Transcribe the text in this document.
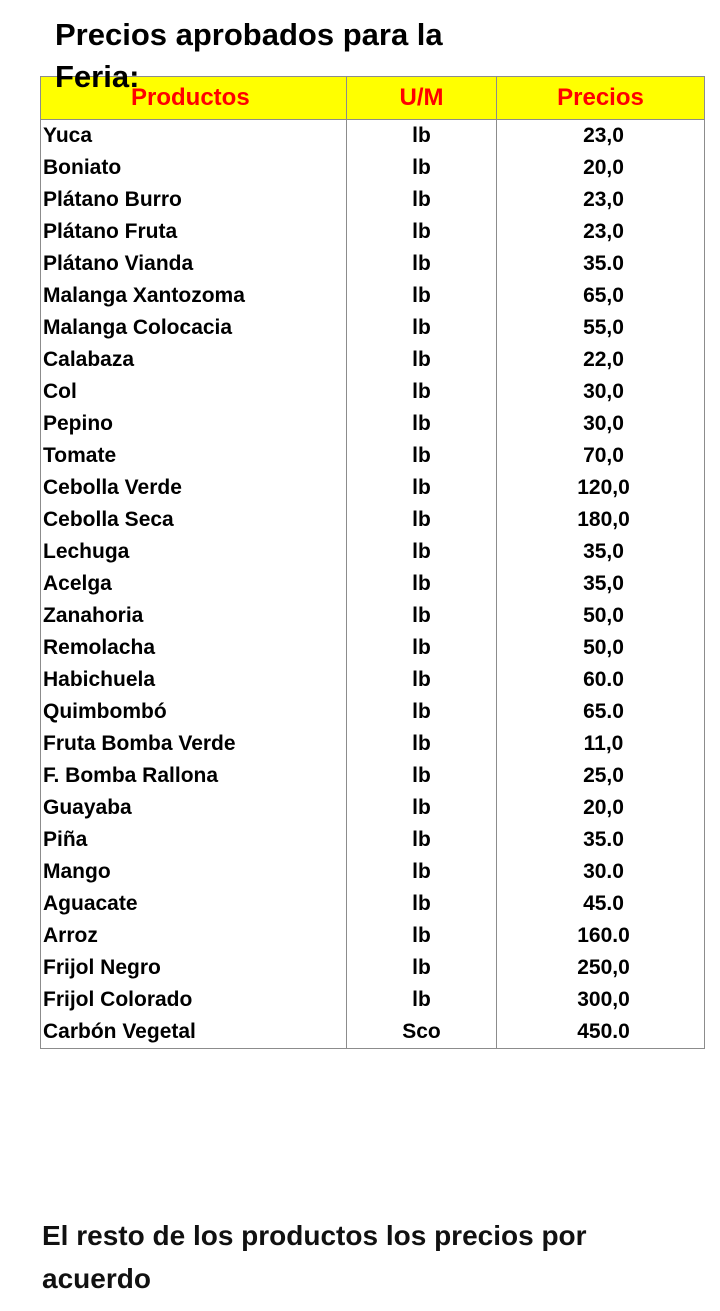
Precios aprobados para la Feria:
Productos	U/M	Precios
Yuca	lb	23,0
Boniato	lb	20,0
Plátano Burro	lb	23,0
Plátano Fruta	lb	23,0
Plátano Vianda	lb	35.0
Malanga Xantozoma	lb	65,0
Malanga Colocacia	lb	55,0
Calabaza	lb	22,0
Col	lb	30,0
Pepino	lb	30,0
Tomate	lb	70,0
Cebolla Verde	lb	120,0
Cebolla Seca	lb	180,0
Lechuga	lb	35,0
Acelga	lb	35,0
Zanahoria	lb	50,0
Remolacha	lb	50,0
Habichuela	lb	60.0
Quimbombó	lb	65.0
Fruta Bomba Verde	lb	11,0
F. Bomba Rallona	lb	25,0
Guayaba	lb	20,0
Piña	lb	35.0
Mango	lb	30.0
Aguacate	lb	45.0
Arroz	lb	160.0
Frijol Negro	lb	250,0
Frijol Colorado	lb	300,0
Carbón Vegetal	Sco	450.0

El resto de los productos los precios por acuerdo
